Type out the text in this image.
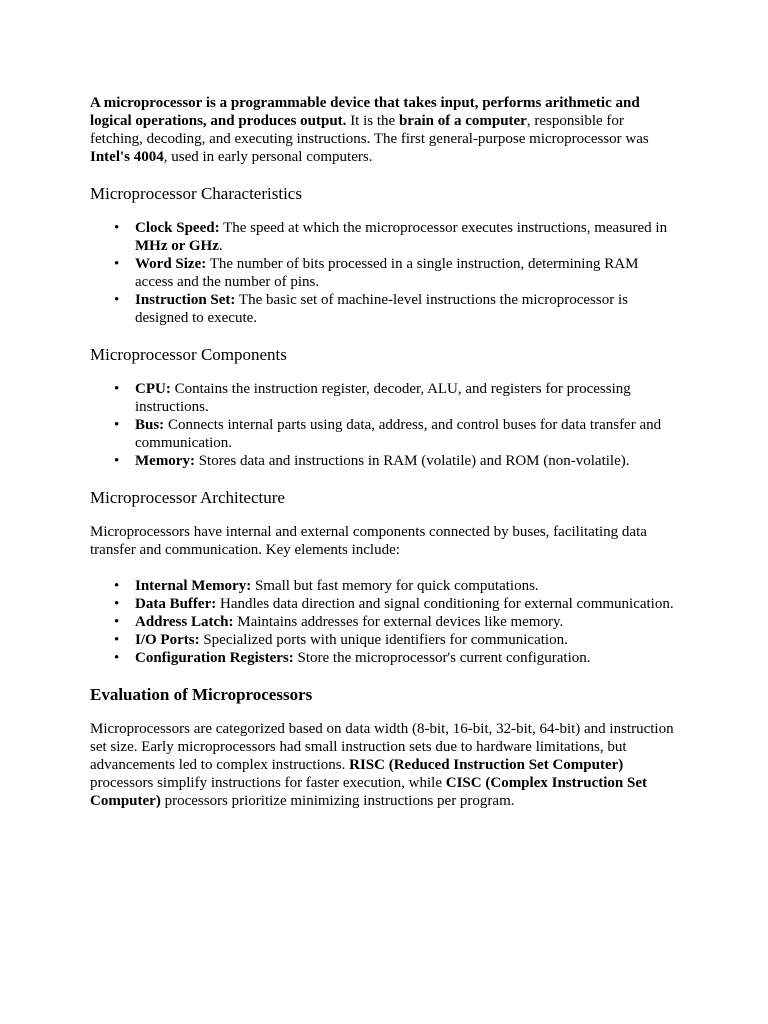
A microprocessor is a programmable device that takes input, performs arithmetic and logical operations, and produces output. It is the brain of a computer, responsible for fetching, decoding, and executing instructions. The first general-purpose microprocessor was Intel's 4004, used in early personal computers.

Microprocessor Characteristics
• Clock Speed: The speed at which the microprocessor executes instructions, measured in MHz or GHz.
• Word Size: The number of bits processed in a single instruction, determining RAM access and the number of pins.
• Instruction Set: The basic set of machine-level instructions the microprocessor is designed to execute.
Microprocessor Components
• CPU: Contains the instruction register, decoder, ALU, and registers for processing instructions.
• Bus: Connects internal parts using data, address, and control buses for data transfer and communication.
• Memory: Stores data and instructions in RAM (volatile) and ROM (non-volatile).
Microprocessor Architecture

Microprocessors have internal and external components connected by buses, facilitating data transfer and communication. Key elements include:

• Internal Memory: Small but fast memory for quick computations.
• Data Buffer: Handles data direction and signal conditioning for external communication.
• Address Latch: Maintains addresses for external devices like memory.
• I/O Ports: Specialized ports with unique identifiers for communication.
• Configuration Registers: Store the microprocessor's current configuration.
Evaluation of Microprocessors

Microprocessors are categorized based on data width (8-bit, 16-bit, 32-bit, 64-bit) and instruction set size. Early microprocessors had small instruction sets due to hardware limitations, but advancements led to complex instructions. RISC (Reduced Instruction Set Computer) processors simplify instructions for faster execution, while CISC (Complex Instruction Set Computer) processors prioritize minimizing instructions per program.
